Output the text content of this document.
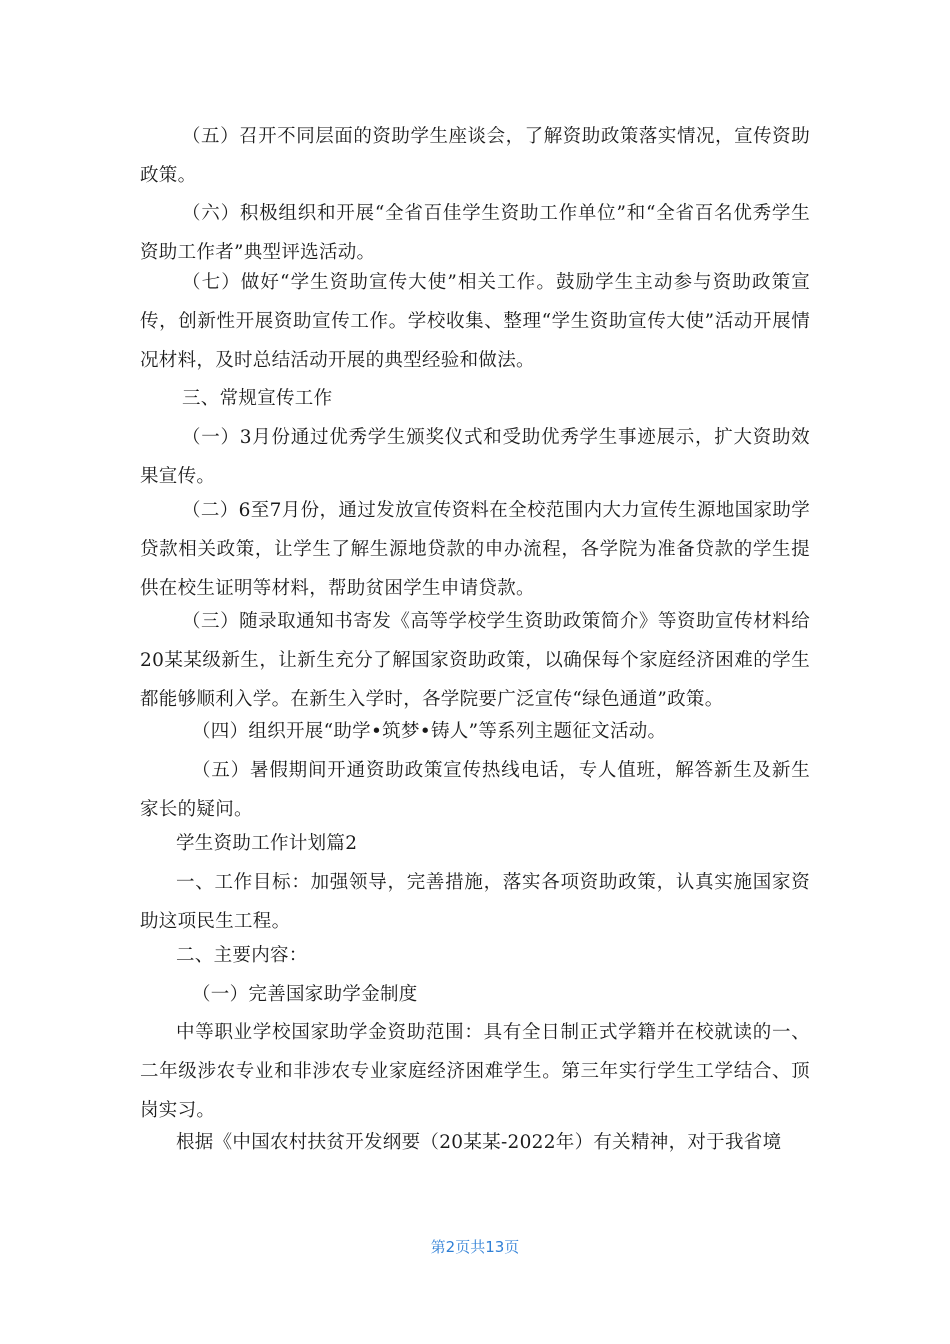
（五）召开不同层面的资助学生座谈会，了解资助政策落实情况，宣传资助政策。

（六）积极组织和开展“全省百佳学生资助工作单位”和“全省百名优秀学生资助工作者”典型评选活动。

（七）做好“学生资助宣传大使”相关工作。鼓励学生主动参与资助政策宣传，创新性开展资助宣传工作。学校收集、整理“学生资助宣传大使”活动开展情况材料，及时总结活动开展的典型经验和做法。

三、常规宣传工作

（一）3月份通过优秀学生颁奖仪式和受助优秀学生事迹展示，扩大资助效果宣传。

（二）6至7月份，通过发放宣传资料在全校范围内大力宣传生源地国家助学贷款相关政策，让学生了解生源地贷款的申办流程，各学院为准备贷款的学生提供在校生证明等材料，帮助贫困学生申请贷款。

（三）随录取通知书寄发《高等学校学生资助政策简介》等资助宣传材料给20某某级新生，让新生充分了解国家资助政策，以确保每个家庭经济困难的学生都能够顺利入学。在新生入学时，各学院要广泛宣传“绿色通道”政策。

（四）组织开展“助学•筑梦•铸人”等系列主题征文活动。

（五）暑假期间开通资助政策宣传热线电话，专人值班，解答新生及新生家长的疑问。

学生资助工作计划篇2

一、工作目标：加强领导，完善措施，落实各项资助政策，认真实施国家资助这项民生工程。

二、主要内容：

（一）完善国家助学金制度

中等职业学校国家助学金资助范围：具有全日制正式学籍并在校就读的一、二年级涉农专业和非涉农专业家庭经济困难学生。第三年实行学生工学结合、顶岗实习。

根据《中国农村扶贫开发纲要（20某某-2022年）有关精神，对于我省境

第2页共13页
